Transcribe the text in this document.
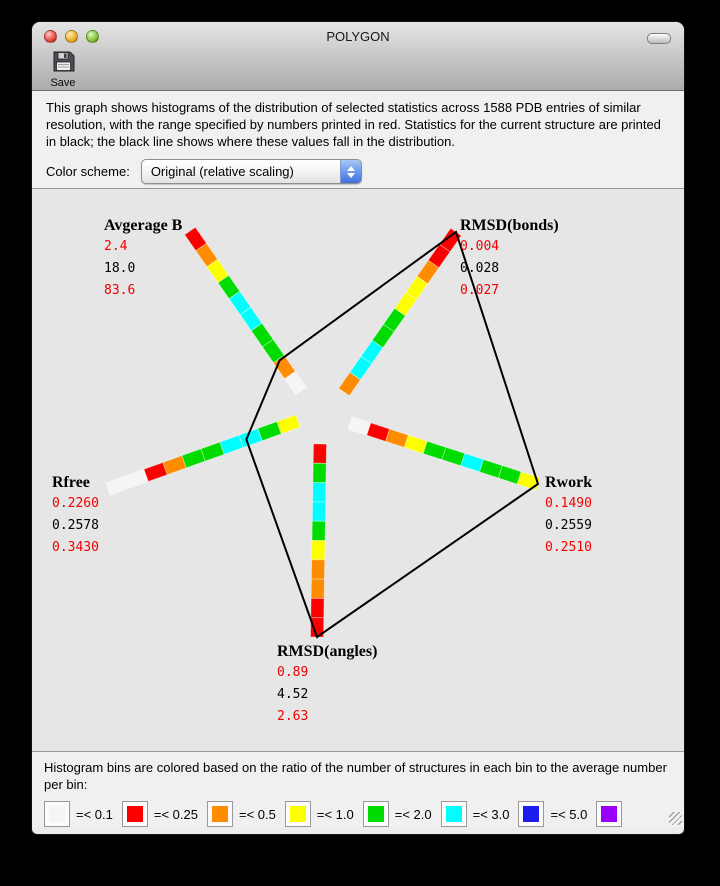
POLYGON
Save

This graph shows histograms of the distribution of selected statistics across 1588 PDB entries of similar resolution, with the range specified by numbers printed in red. Statistics for the current structure are printed in black; the black line shows where these values fall in the distribution.

Color scheme:	Original (relative scaling)
Avgerage B
2.4
18.0
83.6
RMSD(bonds)
0.004
0.028
0.027
Rwork
0.1490
0.2559
0.2510
RMSD(angles)
0.89
4.52
2.63
Rfree
0.2260
0.2578
0.3430

Histogram bins are colored based on the ratio of the number of structures in each bin to the average number per bin:

=< 0.1	=< 0.25	=< 0.5	=< 1.0	=< 2.0	=< 3.0	=< 5.0
